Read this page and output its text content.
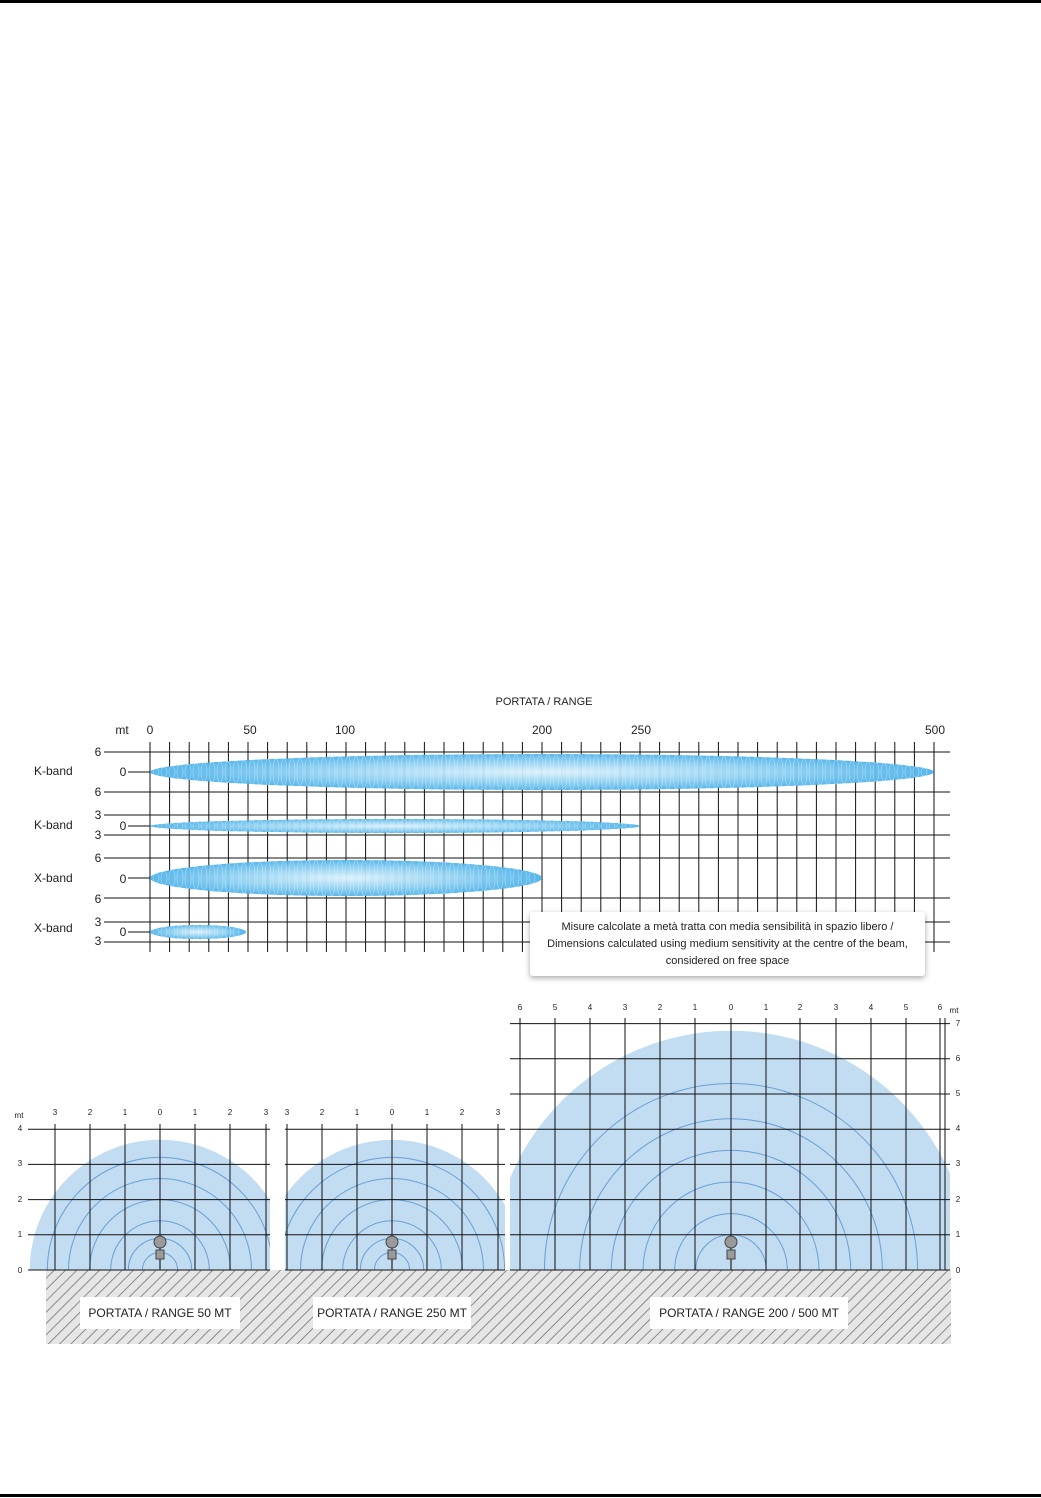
PORTATA / RANGE
mt 0	50	100	200	250	500
K-band
6
0
6
K-band
3
0
3
X-band
6
0
6
X-band 3
0
3
mt	3	2	1	0	1	2	3
4
3
2
1
0
3	2	1	0	1	2	3
6	5	4	3	2	1	0	1	2	3	4	5	6 mt
7
6
5
4
3
2
1
0
Misure calcolate a metà tratta con media sensibilità in spazio libero /
Dimensions calculated using medium sensitivity at the centre of the beam,
considered on free space
PORTATA / RANGE 50 MT	PORTATA / RANGE 250 MT	PORTATA / RANGE 200 / 500 MT
